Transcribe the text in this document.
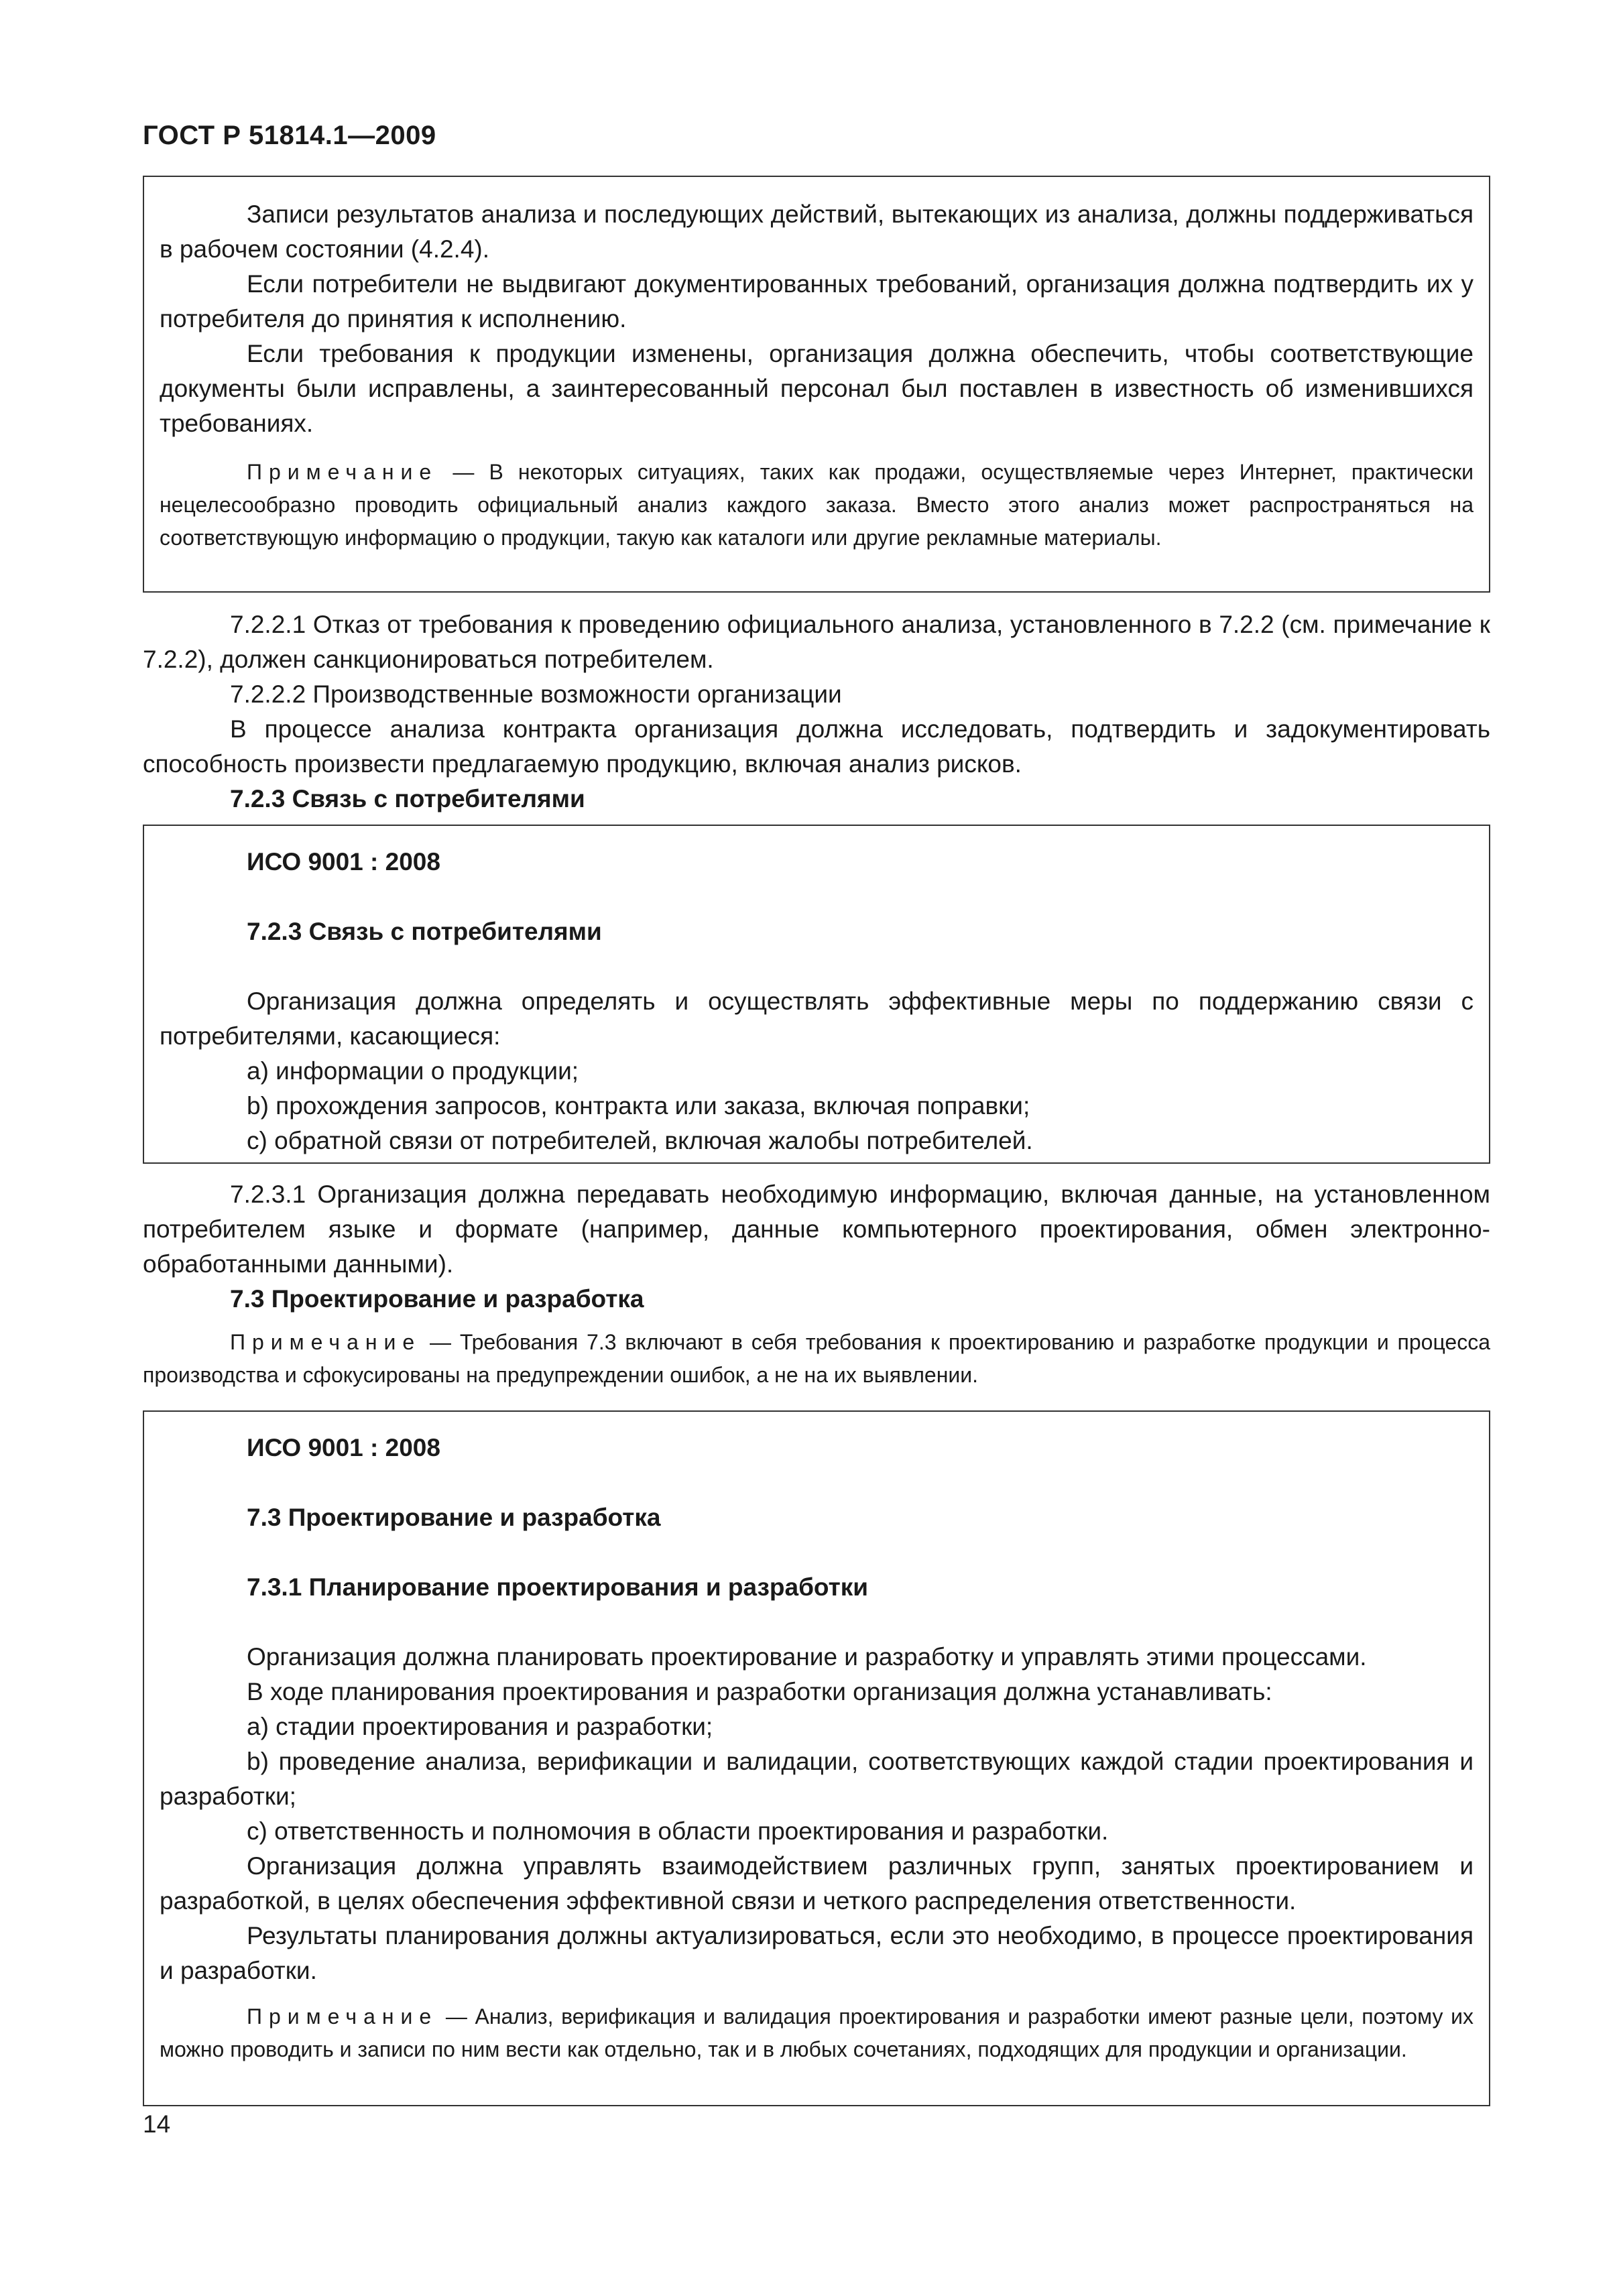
ГОСТ Р 51814.1—2009

Записи результатов анализа и последующих действий, вытекающих из анализа, должны поддерживаться в рабочем состоянии (4.2.4).

Если потребители не выдвигают документированных требований, организация должна подтвердить их у потребителя до принятия к исполнению.

Если требования к продукции изменены, организация должна обеспечить, чтобы соответствующие документы были исправлены, а заинтересованный персонал был поставлен в известность об изменившихся требованиях.

Примечание — В некоторых ситуациях, таких как продажи, осуществляемые через Интернет, практически нецелесообразно проводить официальный анализ каждого заказа. Вместо этого анализ может распространяться на соответствующую информацию о продукции, такую как каталоги или другие рекламные материалы.

7.2.2.1 Отказ от требования к проведению официального анализа, установленного в 7.2.2 (см. примечание к 7.2.2), должен санкционироваться потребителем.

7.2.2.2 Производственные возможности организации

В процессе анализа контракта организация должна исследовать, подтвердить и задокументировать способность произвести предлагаемую продукцию, включая анализ рисков.

7.2.3 Связь с потребителями

ИСО 9001 : 2008

7.2.3 Связь с потребителями

Организация должна определять и осуществлять эффективные меры по поддержанию связи с потребителями, касающиеся:

a) информации о продукции;

b) прохождения запросов, контракта или заказа, включая поправки;

c) обратной связи от потребителей, включая жалобы потребителей.

7.2.3.1 Организация должна передавать необходимую информацию, включая данные, на установленном потребителем языке и формате (например, данные компьютерного проектирования, обмен электронно-обработанными данными).

7.3 Проектирование и разработка

Примечание — Требования 7.3 включают в себя требования к проектированию и разработке продукции и процесса производства и сфокусированы на предупреждении ошибок, а не на их выявлении.

ИСО 9001 : 2008

7.3 Проектирование и разработка

7.3.1 Планирование проектирования и разработки

Организация должна планировать проектирование и разработку и управлять этими процессами.

В ходе планирования проектирования и разработки организация должна устанавливать:

a) стадии проектирования и разработки;

b) проведение анализа, верификации и валидации, соответствующих каждой стадии проектирования и разработки;

c) ответственность и полномочия в области проектирования и разработки.

Организация должна управлять взаимодействием различных групп, занятых проектированием и разработкой, в целях обеспечения эффективной связи и четкого распределения ответственности.

Результаты планирования должны актуализироваться, если это необходимо, в процессе проектирования и разработки.

Примечание — Анализ, верификация и валидация проектирования и разработки имеют разные цели, поэтому их можно проводить и записи по ним вести как отдельно, так и в любых сочетаниях, подходящих для продукции и организации.

14
